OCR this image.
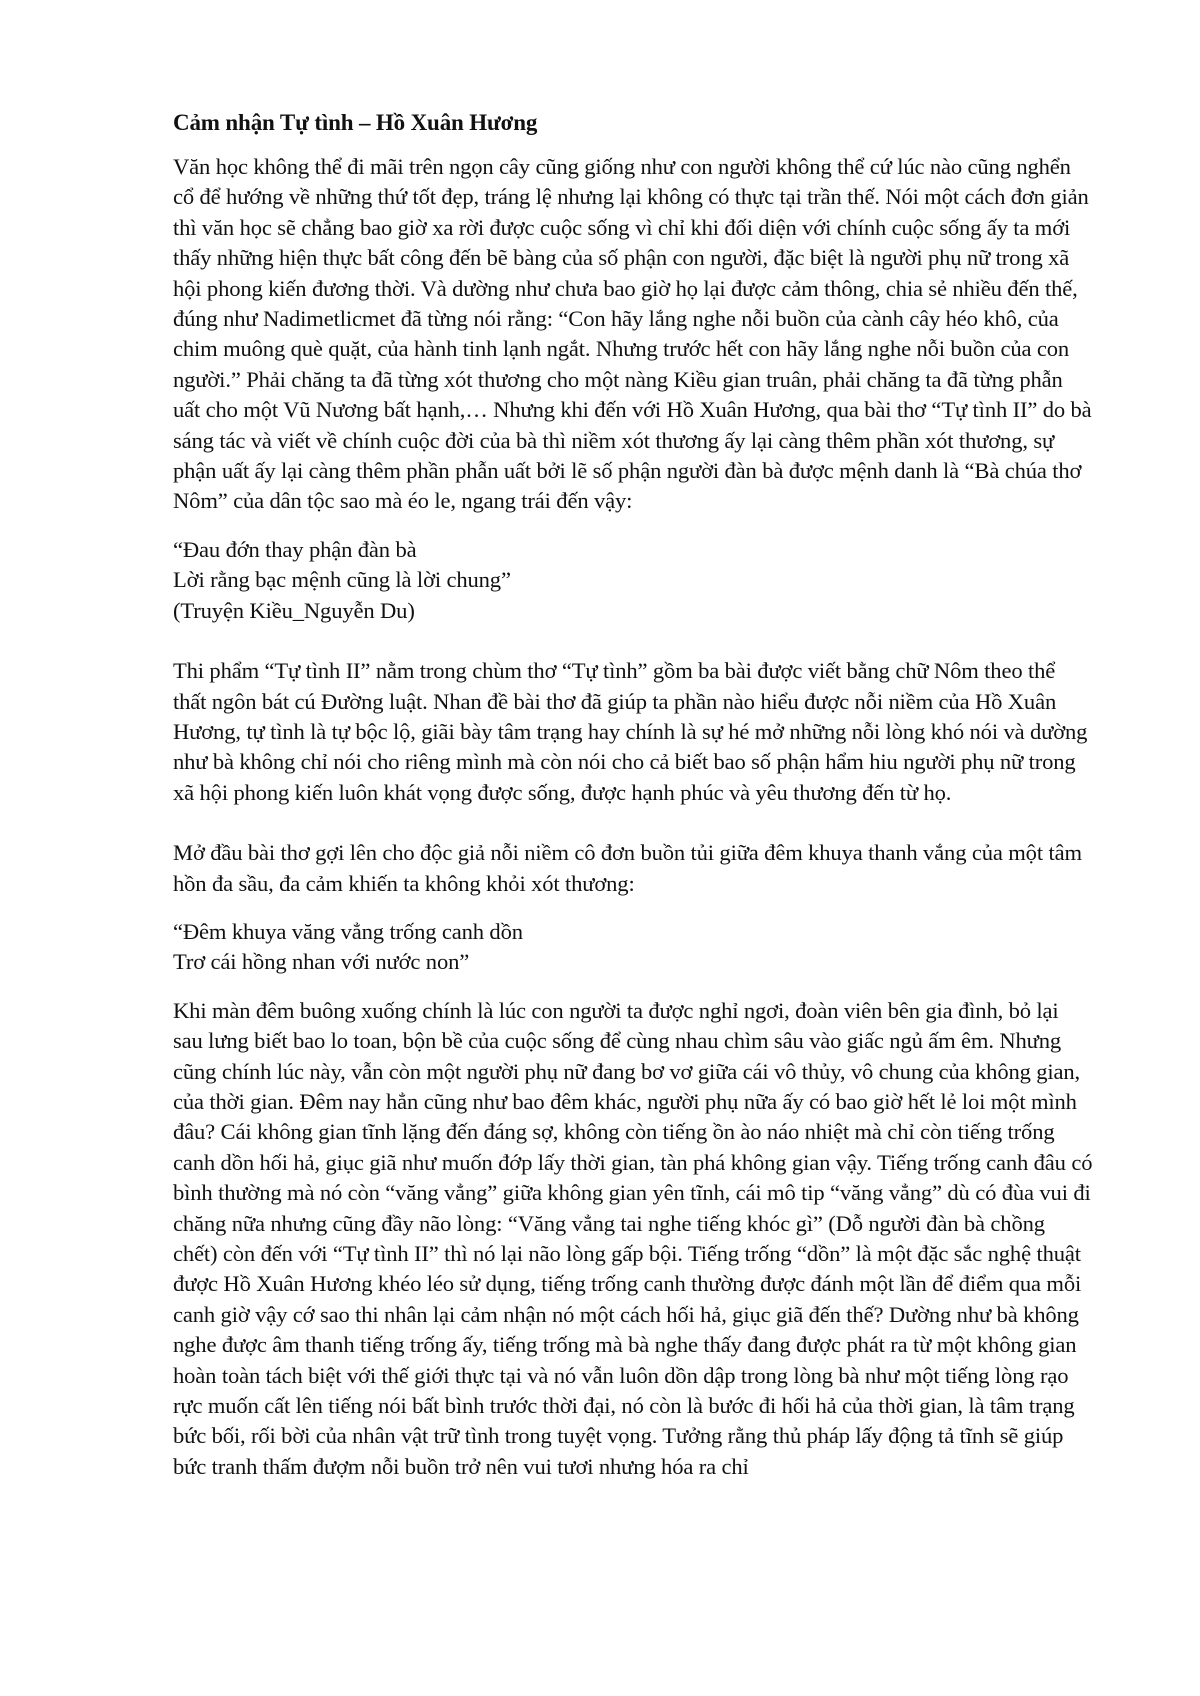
Cảm nhận Tự tình – Hồ Xuân Hương

Văn học không thể đi mãi trên ngọn cây cũng giống như con người không thể cứ lúc nào cũng nghển cổ để hướng về những thứ tốt đẹp, tráng lệ nhưng lại không có thực tại trần thế. Nói một cách đơn giản thì văn học sẽ chẳng bao giờ xa rời được cuộc sống vì chỉ khi đối diện với chính cuộc sống ấy ta mới thấy những hiện thực bất công đến bẽ bàng của số phận con người, đặc biệt là người phụ nữ trong xã hội phong kiến đương thời. Và dường như chưa bao giờ họ lại được cảm thông, chia sẻ nhiều đến thế, đúng như Nadimetlicmet đã từng nói rằng: “Con hãy lắng nghe nỗi buồn của cành cây héo khô, của chim muông què quặt, của hành tinh lạnh ngắt. Nhưng trước hết con hãy lắng nghe nỗi buồn của con người.” Phải chăng ta đã từng xót thương cho một nàng Kiều gian truân, phải chăng ta đã từng phẫn uất cho một Vũ Nương bất hạnh,… Nhưng khi đến với Hồ Xuân Hương, qua bài thơ “Tự tình II” do bà sáng tác và viết về chính cuộc đời của bà thì niềm xót thương ấy lại càng thêm phần xót thương, sự phận uất ấy lại càng thêm phần phẫn uất bởi lẽ số phận người đàn bà được mệnh danh là “Bà chúa thơ Nôm” của dân tộc sao mà éo le, ngang trái đến vậy:

“Đau đớn thay phận đàn bà
Lời rằng bạc mệnh cũng là lời chung”
(Truyện Kiều_Nguyễn Du)

Thi phẩm “Tự tình II” nằm trong chùm thơ “Tự tình” gồm ba bài được viết bằng chữ Nôm theo thể thất ngôn bát cú Đường luật. Nhan đề bài thơ đã giúp ta phần nào hiểu được nỗi niềm của Hồ Xuân Hương, tự tình là tự bộc lộ, giãi bày tâm trạng hay chính là sự hé mở những nỗi lòng khó nói và dường như bà không chỉ nói cho riêng mình mà còn nói cho cả biết bao số phận hẩm hiu người phụ nữ trong xã hội phong kiến luôn khát vọng được sống, được hạnh phúc và yêu thương đến từ họ.

Mở đầu bài thơ gợi lên cho độc giả nỗi niềm cô đơn buồn tủi giữa đêm khuya thanh vắng của một tâm hồn đa sầu, đa cảm khiến ta không khỏi xót thương:

“Đêm khuya văng vẳng trống canh dồn
Trơ cái hồng nhan với nước non”

Khi màn đêm buông xuống chính là lúc con người ta được nghỉ ngơi, đoàn viên bên gia đình, bỏ lại sau lưng biết bao lo toan, bộn bề của cuộc sống để cùng nhau chìm sâu vào giấc ngủ ấm êm. Nhưng cũng chính lúc này, vẫn còn một người phụ nữ đang bơ vơ giữa cái vô thủy, vô chung của không gian, của thời gian. Đêm nay hẳn cũng như bao đêm khác, người phụ nữa ấy có bao giờ hết lẻ loi một mình đâu? Cái không gian tĩnh lặng đến đáng sợ, không còn tiếng ồn ào náo nhiệt mà chỉ còn tiếng trống canh dồn hối hả, giục giã như muốn đớp lấy thời gian, tàn phá không gian vậy. Tiếng trống canh đâu có bình thường mà nó còn “văng vẳng” giữa không gian yên tĩnh, cái mô tip “văng vẳng” dù có đùa vui đi chăng nữa nhưng cũng đầy não lòng: “Văng vẳng tai nghe tiếng khóc gì” (Dỗ người đàn bà chồng chết) còn đến với “Tự tình II” thì nó lại não lòng gấp bội. Tiếng trống “dồn” là một đặc sắc nghệ thuật được Hồ Xuân Hương khéo léo sử dụng, tiếng trống canh thường được đánh một lần để điểm qua mỗi canh giờ vậy cớ sao thi nhân lại cảm nhận nó một cách hối hả, giục giã đến thế? Dường như bà không nghe được âm thanh tiếng trống ấy, tiếng trống mà bà nghe thấy đang được phát ra từ một không gian hoàn toàn tách biệt với thế giới thực tại và nó vẫn luôn dồn dập trong lòng bà như một tiếng lòng rạo rực muốn cất lên tiếng nói bất bình trước thời đại, nó còn là bước đi hối hả của thời gian, là tâm trạng bức bối, rối bời của nhân vật trữ tình trong tuyệt vọng. Tưởng rằng thủ pháp lấy động tả tĩnh sẽ giúp bức tranh thấm đượm nỗi buồn trở nên vui tươi nhưng hóa ra chỉ
